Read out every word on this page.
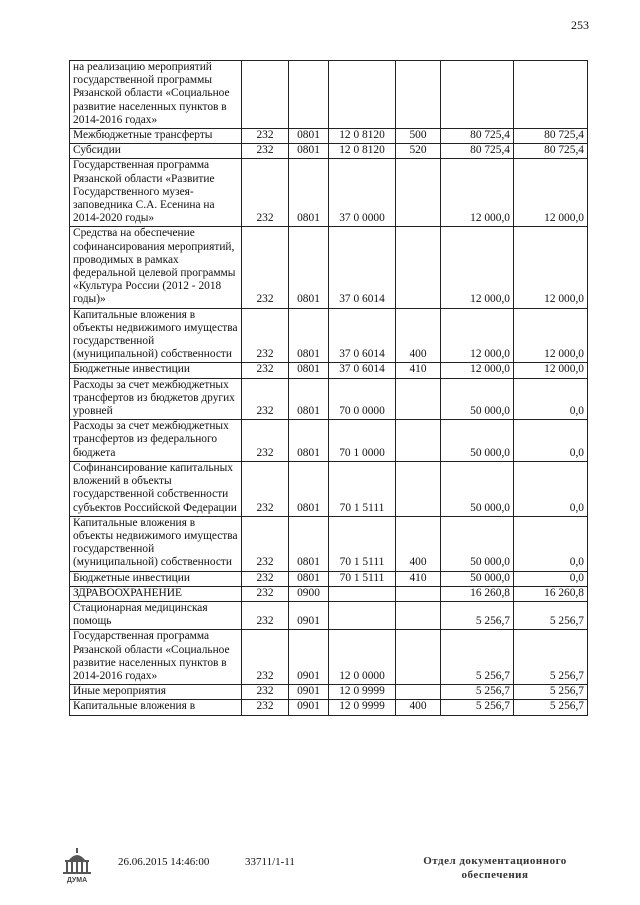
253
на реализацию мероприятий государственной программы Рязанской области «Социальное развитие населенных пунктов в 2014-2016 годах»						
Межбюджетные трансферты	232	0801	12 0 8120	500	80 725,4	80 725,4
Субсидии	232	0801	12 0 8120	520	80 725,4	80 725,4
Государственная программа Рязанской области «Развитие Государственного музея-заповедника С.А. Есенина на 2014-2020 годы»	232	0801	37 0 0000		12 000,0	12 000,0
Средства на обеспечение софинансирования мероприятий, проводимых в рамках федеральной целевой программы «Культура России (2012 - 2018 годы)»	232	0801	37 0 6014		12 000,0	12 000,0
Капитальные вложения в объекты недвижимого имущества государственной (муниципальной) собственности	232	0801	37 0 6014	400	12 000,0	12 000,0
Бюджетные инвестиции	232	0801	37 0 6014	410	12 000,0	12 000,0
Расходы за счет межбюджетных трансфертов из бюджетов других уровней	232	0801	70 0 0000		50 000,0	0,0
Расходы за счет межбюджетных трансфертов из федерального бюджета	232	0801	70 1 0000		50 000,0	0,0
Софинансирование капитальных вложений в объекты государственной собственности субъектов Российской Федерации	232	0801	70 1 5111		50 000,0	0,0
Капитальные вложения в объекты недвижимого имущества государственной (муниципальной) собственности	232	0801	70 1 5111	400	50 000,0	0,0
Бюджетные инвестиции	232	0801	70 1 5111	410	50 000,0	0,0
ЗДРАВООХРАНЕНИЕ	232	0900			16 260,8	16 260,8
Стационарная медицинская помощь	232	0901			5 256,7	5 256,7
Государственная программа Рязанской области «Социальное развитие населенных пунктов в 2014-2016 годах»	232	0901	12 0 0000		5 256,7	5 256,7
Иные мероприятия	232	0901	12 0 9999		5 256,7	5 256,7
Капитальные вложения в	232	0901	12 0 9999	400	5 256,7	5 256,7
ДУМА
26.06.2015 14:46:00	33711/1-11	Отдел документационного
обеспечения
